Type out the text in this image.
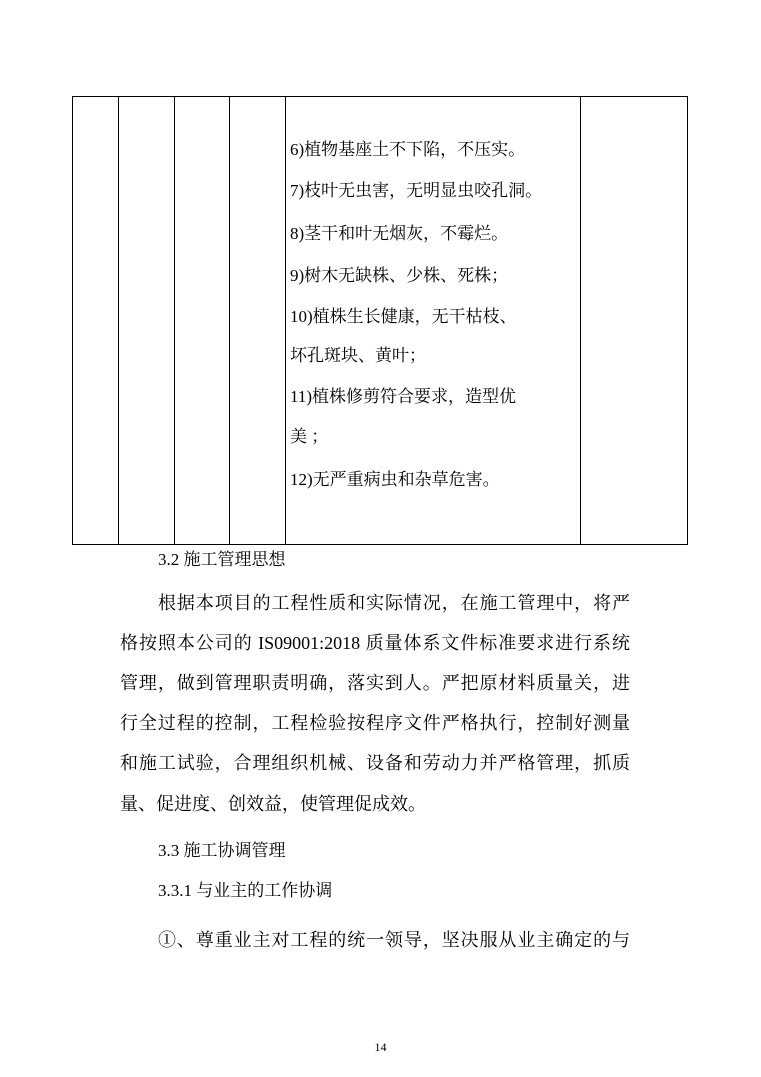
6)植物基座土不下陷，不压实。
7)枝叶无虫害，无明显虫咬孔洞。
8)茎干和叶无烟灰，不霉烂。
9)树木无缺株、少株、死株；
10)植株生长健康，无干枯枝、
坏孔斑块、黄叶；
11)植株修剪符合要求，造型优
美 ；
12)无严重病虫和杂草危害。
3.2 施工管理思想
根据本项目的工程性质和实际情况，在施工管理中，将严
格按照本公司的 IS09001:2018 质量体系文件标准要求进行系统
管理，做到管理职责明确，落实到人。严把原材料质量关，进
行全过程的控制，工程检验按程序文件严格执行，控制好测量
和施工试验，合理组织机械、设备和劳动力并严格管理，抓质
量、促进度、创效益，使管理促成效。
3.3 施工协调管理
3.3.1 与业主的工作协调
①、尊重业主对工程的统一领导，坚决服从业主确定的与
14
